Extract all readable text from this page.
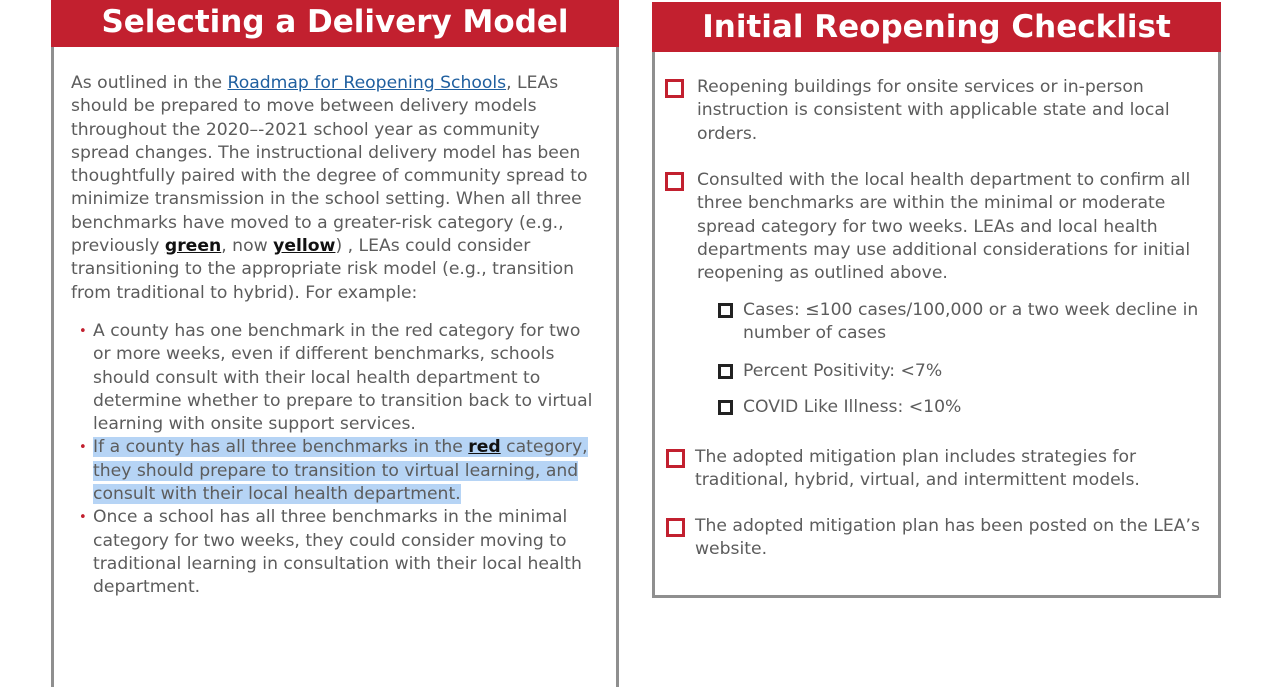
Selecting a Delivery Model

As outlined in the Roadmap for Reopening Schools, LEAs should be prepared to move between delivery models throughout the 2020–-2021 school year as community spread changes. The instructional delivery model has been thoughtfully paired with the degree of community spread to minimize transmission in the school setting. When all three benchmarks have moved to a greater-risk category (e.g., previously green, now yellow) , LEAs could consider transitioning to the appropriate risk model (e.g., transition from traditional to hybrid). For example:

• A county has one benchmark in the red category for two or more weeks, even if different benchmarks, schools should consult with their local health department to determine whether to prepare to transition back to virtual learning with onsite support services.
• If a county has all three benchmarks in the red category, they should prepare to transition to virtual learning, and consult with their local health department.
• Once a school has all three benchmarks in the minimal category for two weeks, they could consider moving to traditional learning in consultation with their local health department.
Initial Reopening Checklist
Reopening buildings for onsite services or in-person instruction is consistent with applicable state and local orders.
Consulted with the local health department to confirm all three benchmarks are within the minimal or moderate spread category for two weeks. LEAs and local health departments may use additional considerations for initial reopening as outlined above.
Cases: ≤100 cases/100,000 or a two week decline in number of cases
Percent Positivity: <7%
COVID Like Illness: <10%
The adopted mitigation plan includes strategies for traditional, hybrid, virtual, and intermittent models.
The adopted mitigation plan has been posted on the LEA’s website.
